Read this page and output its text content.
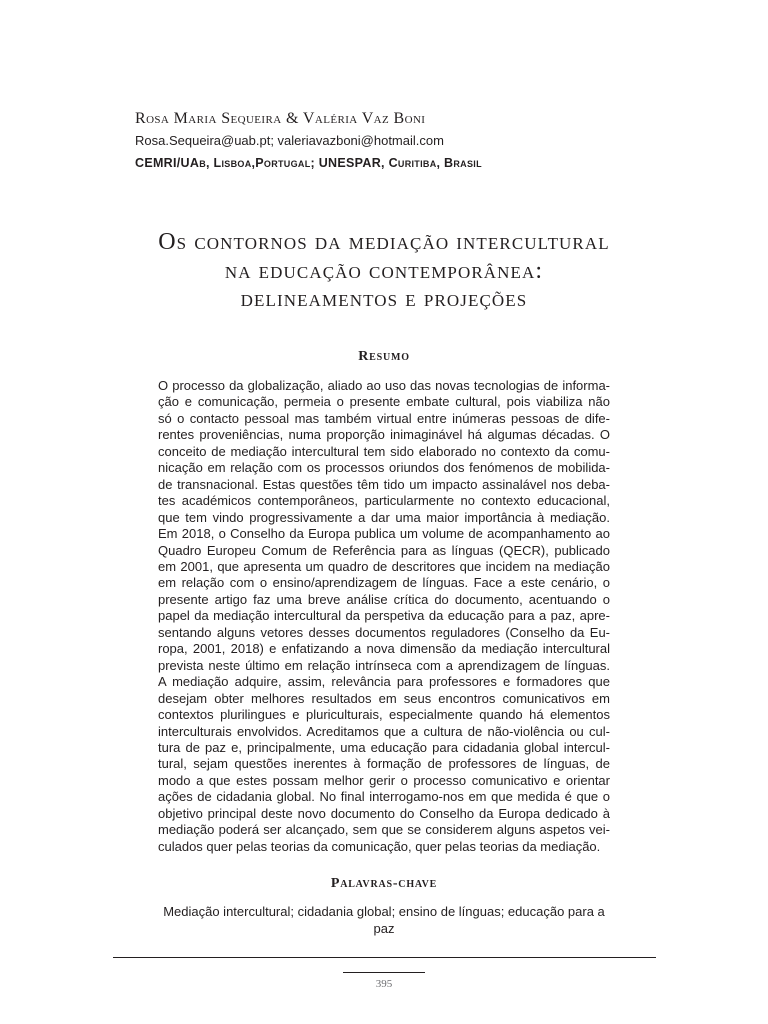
Rosa Maria Sequeira & Valéria Vaz Boni
Rosa.Sequeira@uab.pt; valeriavazboni@hotmail.com
CEMRI/UAb, Lisboa,Portugal; UNESPAR, Curitiba, Brasil
Os contornos da mediação intercultural
na educação contemporânea:
delineamentos e projeções
Resumo
O processo da globalização, aliado ao uso das novas tecnologias de informa-
ção e comunicação, permeia o presente embate cultural, pois viabiliza não
só o contacto pessoal mas também virtual entre inúmeras pessoas de dife-
rentes proveniências, numa proporção inimaginável há algumas décadas. O
conceito de mediação intercultural tem sido elaborado no contexto da comu-
nicação em relação com os processos oriundos dos fenómenos de mobilida-
de transnacional. Estas questões têm tido um impacto assinalável nos deba-
tes académicos contemporâneos, particularmente no contexto educacional,
que tem vindo progressivamente a dar uma maior importância à mediação.
Em 2018, o Conselho da Europa publica um volume de acompanhamento ao
Quadro Europeu Comum de Referência para as línguas (QECR), publicado
em 2001, que apresenta um quadro de descritores que incidem na mediação
em relação com o ensino/aprendizagem de línguas. Face a este cenário, o
presente artigo faz uma breve análise crítica do documento, acentuando o
papel da mediação intercultural da perspetiva da educação para a paz, apre-
sentando alguns vetores desses documentos reguladores (Conselho da Eu-
ropa, 2001, 2018) e enfatizando a nova dimensão da mediação intercultural
prevista neste último em relação intrínseca com a aprendizagem de línguas.
A mediação adquire, assim, relevância para professores e formadores que
desejam obter melhores resultados em seus encontros comunicativos em
contextos plurilingues e pluriculturais, especialmente quando há elementos
interculturais envolvidos. Acreditamos que a cultura de não-violência ou cul-
tura de paz e, principalmente, uma educação para cidadania global intercul-
tural, sejam questões inerentes à formação de professores de línguas, de
modo a que estes possam melhor gerir o processo comunicativo e orientar
ações de cidadania global. No final interrogamo-nos em que medida é que o
objetivo principal deste novo documento do Conselho da Europa dedicado à
mediação poderá ser alcançado, sem que se considerem alguns aspetos vei-
culados quer pelas teorias da comunicação, quer pelas teorias da mediação.
Palavras-chave
Mediação intercultural; cidadania global; ensino de línguas; educação para a paz
395
